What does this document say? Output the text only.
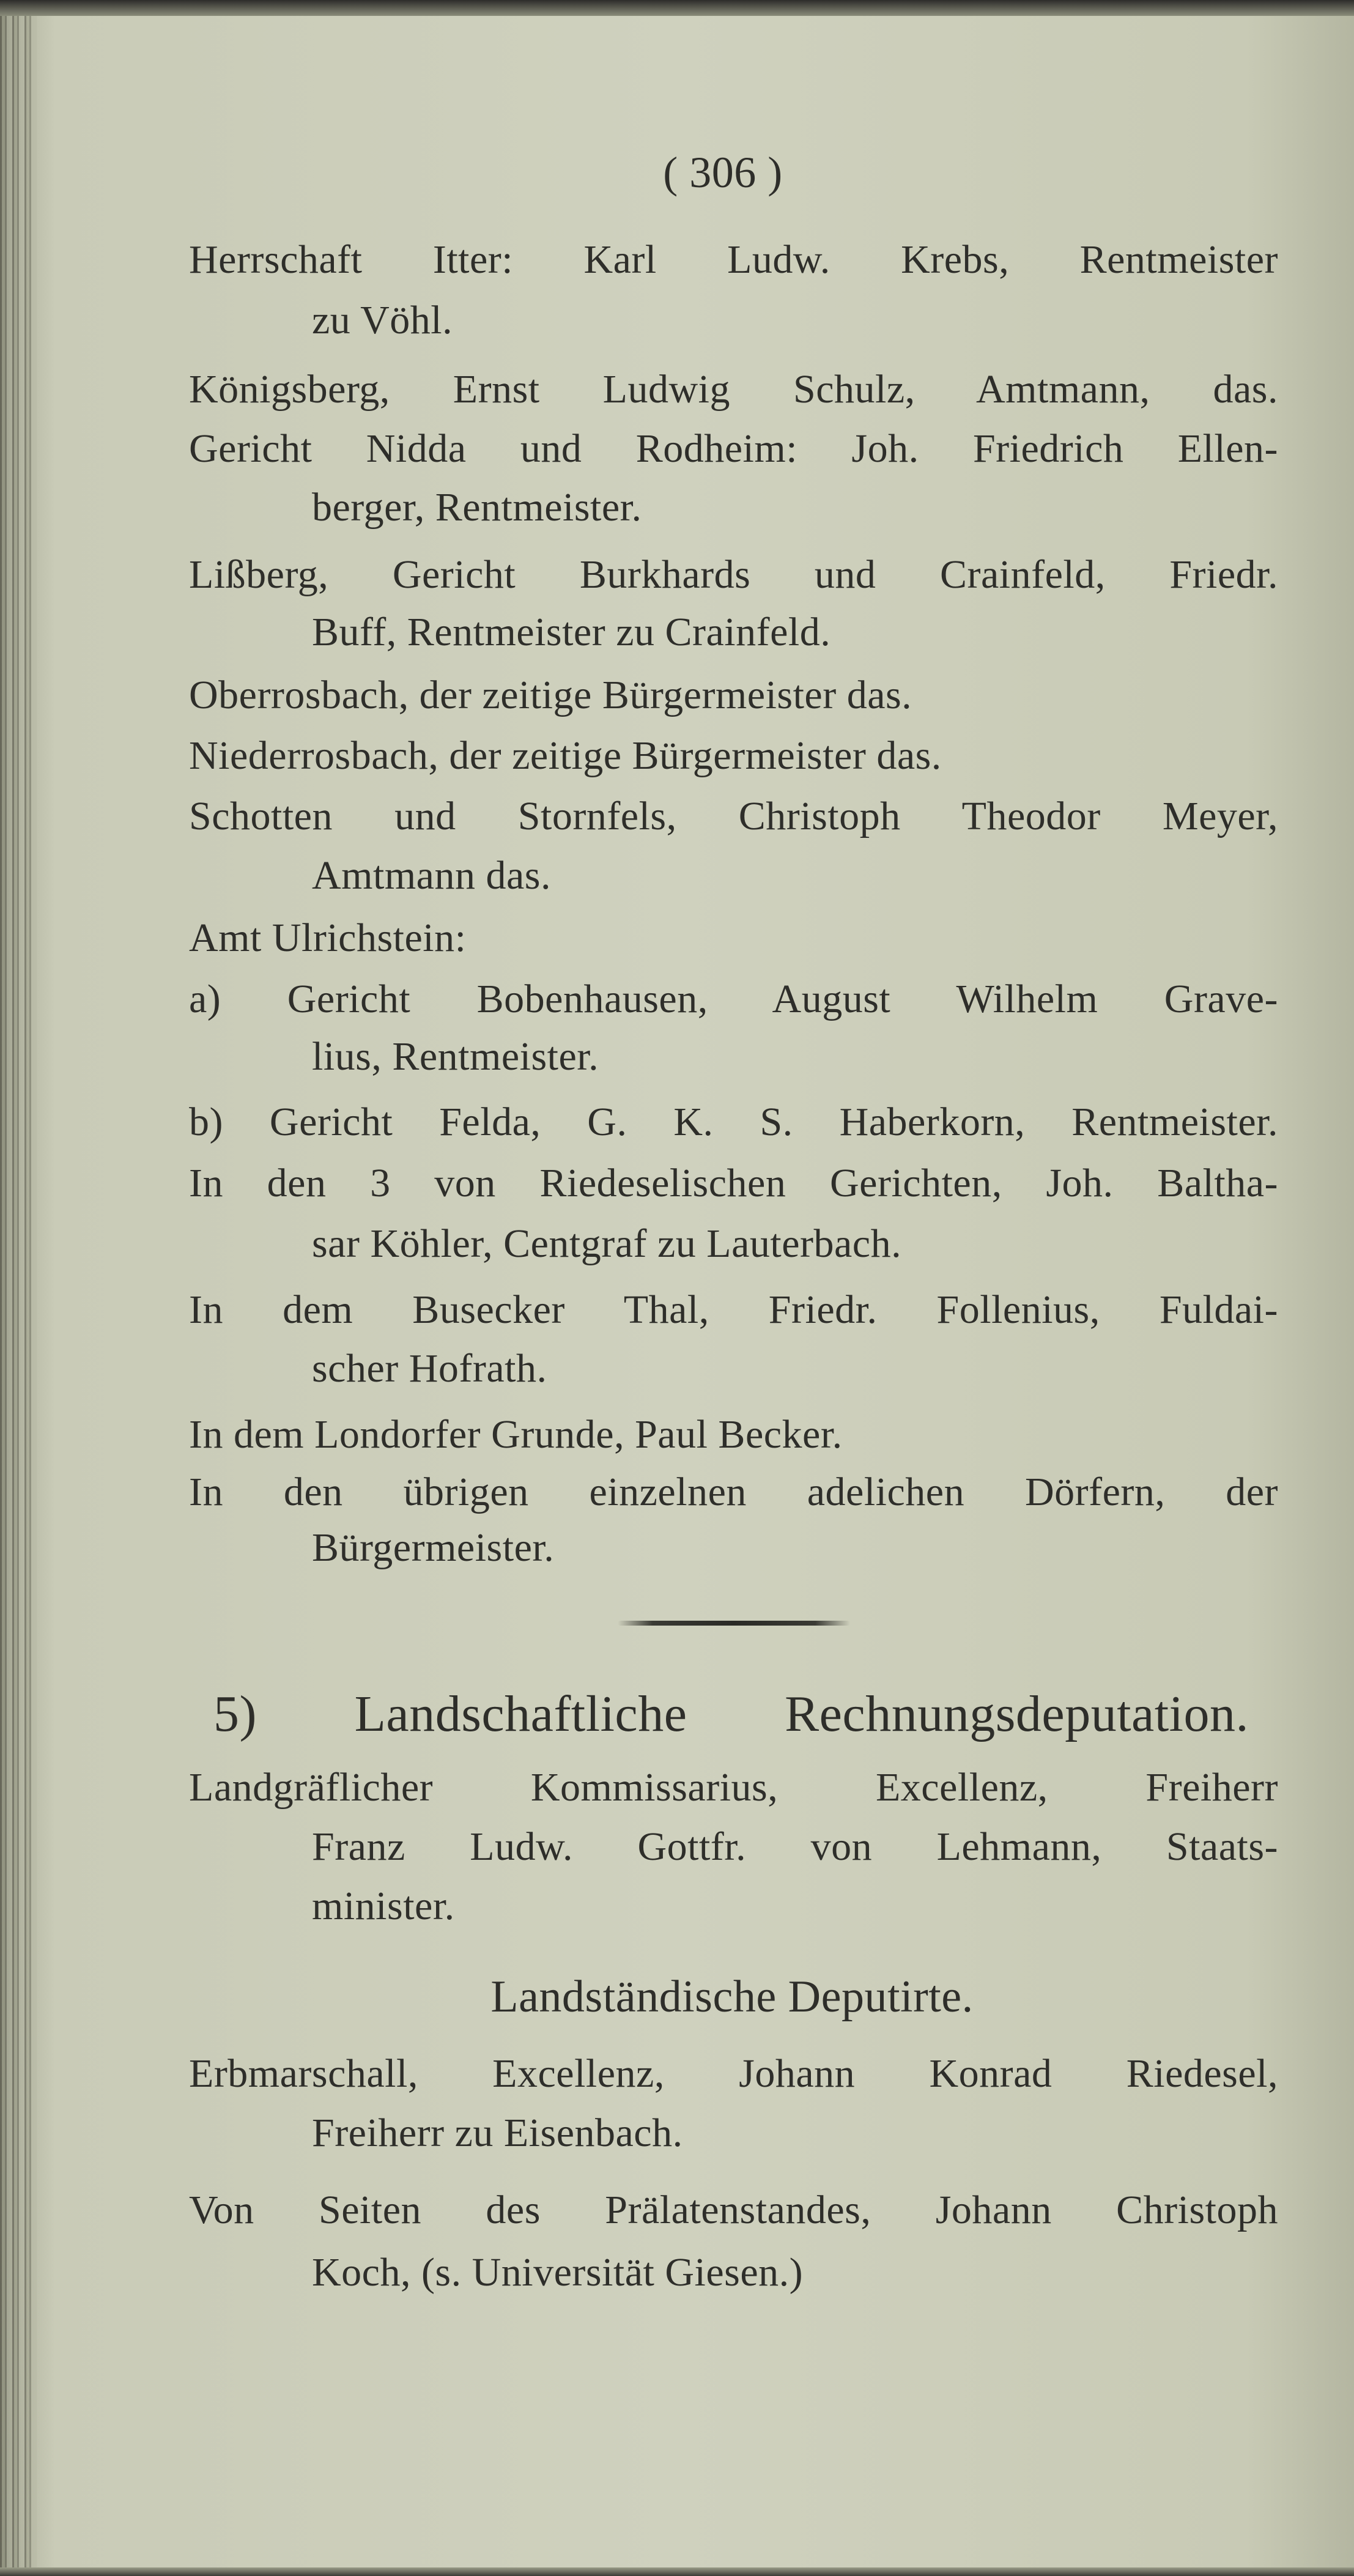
( 306 )
Herrschaft Itter: Karl Ludw. Krebs, Rentmeister
zu Vöhl.
Königsberg, Ernst Ludwig Schulz, Amtmann, das.
Gericht Nidda und Rodheim: Joh. Friedrich Ellen-
berger, Rentmeister.
Lißberg, Gericht Burkhards und Crainfeld, Friedr.
Buff, Rentmeister zu Crainfeld.
Oberrosbach, der zeitige Bürgermeister das.
Niederrosbach, der zeitige Bürgermeister das.
Schotten und Stornfels, Christoph Theodor Meyer,
Amtmann das.
Amt Ulrichstein:
a) Gericht Bobenhausen, August Wilhelm Grave-
lius, Rentmeister.
b) Gericht Felda, G. K. S. Haberkorn, Rentmeister.
In den 3 von Riedeselischen Gerichten, Joh. Baltha-
sar Köhler, Centgraf zu Lauterbach.
In dem Busecker Thal, Friedr. Follenius, Fuldai-
scher Hofrath.
In dem Londorfer Grunde, Paul Becker.
In den übrigen einzelnen adelichen Dörfern, der
Bürgermeister.
Landgräflicher Kommissarius, Excellenz, Freiherr
Franz Ludw. Gottfr. von Lehmann, Staats-
minister.
Erbmarschall, Excellenz, Johann Konrad Riedesel,
Freiherr zu Eisenbach.
Von Seiten des Prälatenstandes, Johann Christoph
Koch, (s. Universität Giesen.)
5) Landschaftliche Rechnungsdeputation.
Landständische Deputirte.
